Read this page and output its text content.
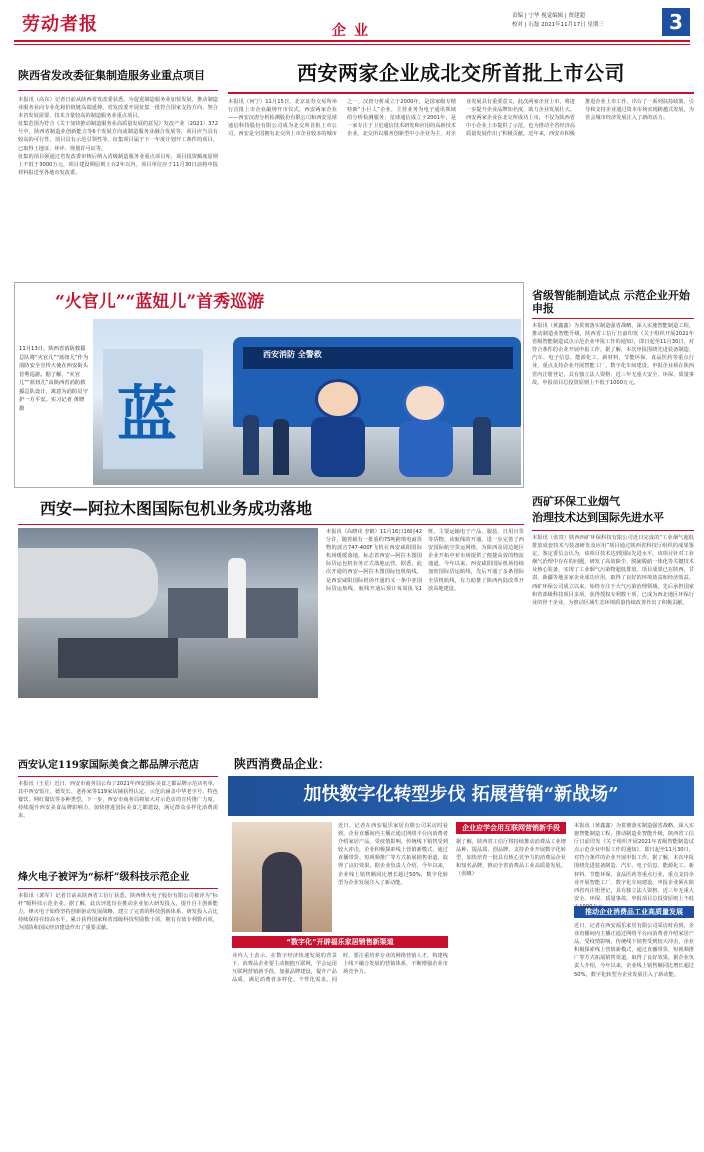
劳动者报	企业
责编 | 宁华 视觉编辑 | 贾建超
校对 | 石磊 2021年11月17日 星期三	3
陕西省发改委征集制造服务业重点项目

本报讯（高东）记者日前从陕西省发改委获悉，为促进制造服务业加快发展，推动制造业服务业向专业化和价值链高端延伸，省发改委开展征集一批符合国家支持方向、契合本省发展需要、技术含量较高的制造服务业重点项目。

征集范围为符合《关于加快推动制造服务业高质量发展的意见》发改产业〔2021〕372号中，陕西省制造业创新能力等6个发展方向或制造服务业融合发展等，项目应当具有较高的可行性、项目具有示范引领性等。征集项目属于下一年度计划开工条件的项目，已取得土地证、环评、规划许可证等。

征集的项目须通过省发改委审核后纳入省级制造服务业重点项目库，项目投资额度原则上不低于3000万元，项目建设期原则上在2年以内。项目单位应于11月30日前将申报材料报送至各地市发改委。

西安两家企业成北交所首批上市公司
本报讯（何宁）11月15日，北京证券交易所举行首批上市企业敲钟开市仪式，西安两家企业——西安汉唐分析检测股份有限公司和西安星球通信科技股份有限公司成为北交所首批上市公司。西安是全国拥有北交所上市企业较多的城市之一。汉唐分析成立于2000年，是国家级专精特新“小巨人”企业，主营业务为电子通讯领域的分析检测服务；星球通信成立于2001年，是一家专注于卫星通信技术研发和应用的高新技术企业。北交所以服务创新型中小企业为主，对企业发展具有重要意义。此次两家企业上市，将进一步提升企业品牌知名度，助力企业发展壮大。西安两家企业在北交所成功上市，不仅为陕西省中小企业上市提供了示范，也为推动全省经济高质量发展作出了积极贡献。近年来，西安市积极推进企业上市工作，出台了一系列扶持政策，引导和支持企业通过资本市场实现跨越式发展，为省会城市经济发展注入了新的活力。
“火官儿”“蓝妞儿”首秀巡游
11月13日，陕西省消防救援总队将“火官儿”“蓝妞儿”作为消防安全宣传大使在西安街头首秀巡游。据了解，“火官儿”“蓝妞儿”由陕西省消防救援总队设计，寓意为消防员守护一方平安。实习记者 黄晓 摄
西安消防 全警救
蓝
省级智能制造试点 示范企业开始申报
本报讯（黄鑫鑫）为贯彻落实制造强省战略，深入实施智能制造工程，推动制造业智能升级，陕西省工信厅日前印发《关于组织开展2021年省级智能制造试点示范企业申报工作的通知》，即日起至11月30日，对符合条件的企业开展申报工作。据了解，本次申报围绕先进装备制造、汽车、电子信息、能源化工、新材料、节能环保、食品医药等重点行业，重点支持企业开展智能工厂、数字化车间建设。申报企业须在陕西省内注册登记，具有独立法人资格，近三年无重大安全、环保、质量事故。申报项目总投资原则上不低于1000万元。
西矿环保工业烟气
治理技术达到国际先进水平
本报讯（张贵）陕西西矿环保科技有限公司近日完成的“工业烟气超低排放成套技术与装备研发及应用”项目通过陕西省科技厅组织的成果鉴定。鉴定委员会认为，该项目技术达到国际先进水平。该项目针对工业烟气治理中存在的问题，研发了高效除尘、脱硫脱硝一体化等关键技术及核心装备，实现了工业烟气污染物超低排放。项目成果已在陕西、甘肃、新疆等地多家企业成功应用，取得了良好的环境效益和经济效益。西矿环保公司成立以来，始终专注于大气污染治理领域，先后承担国家和省部级科技项目多项，获得授权专利数十项，已成为西北地区环保行业的骨干企业，为推动区域生态环境质量持续改善作出了积极贡献。
西安—阿拉木图国际包机业务成功落地
本报讯（高晓戎 李鹤）11月16日16时42分许，随着载有一批重约75吨跨境电商货物的波音747-400F飞机在西安咸阳国际机场缓缓落地，标志着西安—阿拉木图国际货运包机业务正式落地运营。据悉，此次开通的西安—阿拉木图国际包机航线，是西安咸阳国际机场开通的又一条中亚国际货运航线，航线开通后预计每周执飞1班，主要运输电子产品、服装、日用百货等货物。该航线的开通，进一步完善了西安国际航空货运网络，为陕西及周边地区企业开拓中亚市场提供了便捷高效的物流通道。今年以来，西安咸阳国际机场持续加密国际货运航线，先后开通了多条国际全货机航线，有力助推了陕西内陆改革开放高地建设。
西安认定119家国际美食之都品牌示范店
本报讯（王星）近日，西安市商务局公布了2021年西安国际美食之都品牌示范店名单，其中西安饭庄、德发长、老孙家等119家店铺获得认定。示范店涵盖中华老字号、特色餐饮、网红餐饮等多种类型。下一步，西安市商务局将加大对示范店的宣传推广力度，持续提升西安美食品牌影响力，加快推进国际美食之都建设，满足群众多样化消费需求。
烽火电子被评为“标杆”级科技示范企业
本报讯（郭军）记者日前从陕西省工信厅获悉，陕西烽火电子股份有限公司被评为“标杆”级科技示范企业。据了解，此次评选旨在推动企业加大研发投入，提升自主创新能力。烽火电子始终坚持创新驱动发展战略，建立了完善的科技创新体系，研发投入占比持续保持在较高水平，累计获得国家和省部级科技奖励数十项，拥有有效专利数百项，为国防和国民经济建设作出了重要贡献。
陕西消费品企业：
加快数字化转型步伐 拓展营销“新战场”
近日，记者在西安福乐家居有限公司采访时看到，企业直播间内主播正通过网络平台向消费者介绍家居产品。受疫情影响，传统线下销售受到较大冲击，企业积极探索线上营销新模式，通过直播带货、短视频推广等方式拓展销售渠道，取得了良好效果。据企业负责人介绍，今年以来，企业线上销售额同比增长超过50%，数字化转型为企业发展注入了新动能。
“数字化”开辟福乐家居销售新渠道
业内人士表示，在数字经济快速发展的背景下，消费品企业要主动拥抱互联网，学会运用互联网营销新手段，加强品牌建设，提升产品品质，满足消费者多样化、个性化需求。同时，要注重培养专业的网络营销人才，构建线上线下融合发展的营销体系，不断增强企业市场竞争力。
企业应学会用互联网营销新手段
据了解，陕西省工信厅将持续推动消费品工业增品种、提品质、创品牌，支持企业开展数字化转型，加快培育一批具有核心竞争力的消费品企业和知名品牌，推动全省消费品工业高质量发展。（张曦）
推动企业消费品工业高质量发展
近日，记者在西安福乐家居有限公司采访时看到，企业直播间内主播正通过网络平台向消费者介绍家居产品。受疫情影响，传统线下销售受到较大冲击，企业积极探索线上营销新模式，通过直播带货、短视频推广等方式拓展销售渠道，取得了良好效果。据企业负责人介绍，今年以来，企业线上销售额同比增长超过50%，数字化转型为企业发展注入了新动能。
本报讯（黄鑫鑫）为贯彻落实制造强省战略，深入实施智能制造工程，推动制造业智能升级，陕西省工信厅日前印发《关于组织开展2021年省级智能制造试点示范企业申报工作的通知》，即日起至11月30日，对符合条件的企业开展申报工作。据了解，本次申报围绕先进装备制造、汽车、电子信息、能源化工、新材料、节能环保、食品医药等重点行业，重点支持企业开展智能工厂、数字化车间建设。申报企业须在陕西省内注册登记，具有独立法人资格，近三年无重大安全、环保、质量事故。申报项目总投资原则上不低于1000万元。
